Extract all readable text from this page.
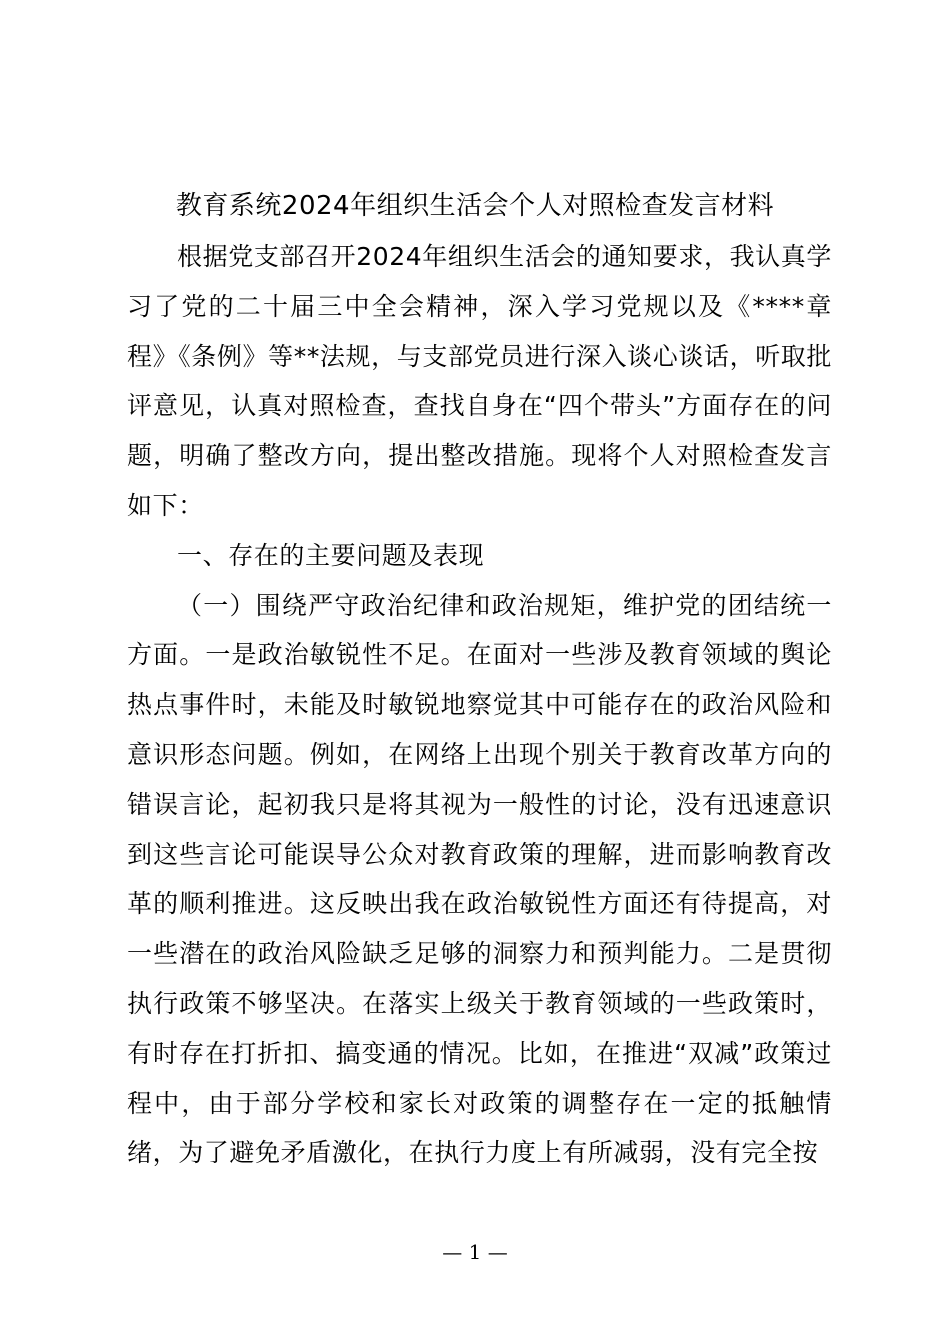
教育系统2024年组织生活会个人对照检查发言材料

根据党支部召开2024年组织生活会的通知要求，我认真学习了党的二十届三中全会精神，深入学习党规以及《****章程》《条例》等**法规，与支部党员进行深入谈心谈话，听取批评意见，认真对照检查，查找自身在“四个带头”方面存在的问题，明确了整改方向，提出整改措施。现将个人对照检查发言如下：

一、存在的主要问题及表现

（一）围绕严守政治纪律和政治规矩，维护党的团结统一方面。一是政治敏锐性不足。在面对一些涉及教育领域的舆论热点事件时，未能及时敏锐地察觉其中可能存在的政治风险和意识形态问题。例如，在网络上出现个别关于教育改革方向的错误言论，起初我只是将其视为一般性的讨论，没有迅速意识到这些言论可能误导公众对教育政策的理解，进而影响教育改革的顺利推进。这反映出我在政治敏锐性方面还有待提高，对一些潜在的政治风险缺乏足够的洞察力和预判能力。二是贯彻执行政策不够坚决。在落实上级关于教育领域的一些政策时，有时存在打折扣、搞变通的情况。比如，在推进“双减”政策过程中，由于部分学校和家长对政策的调整存在一定的抵触情绪，为了避免矛盾激化，在执行力度上有所减弱，没有完全按

— 1 —
